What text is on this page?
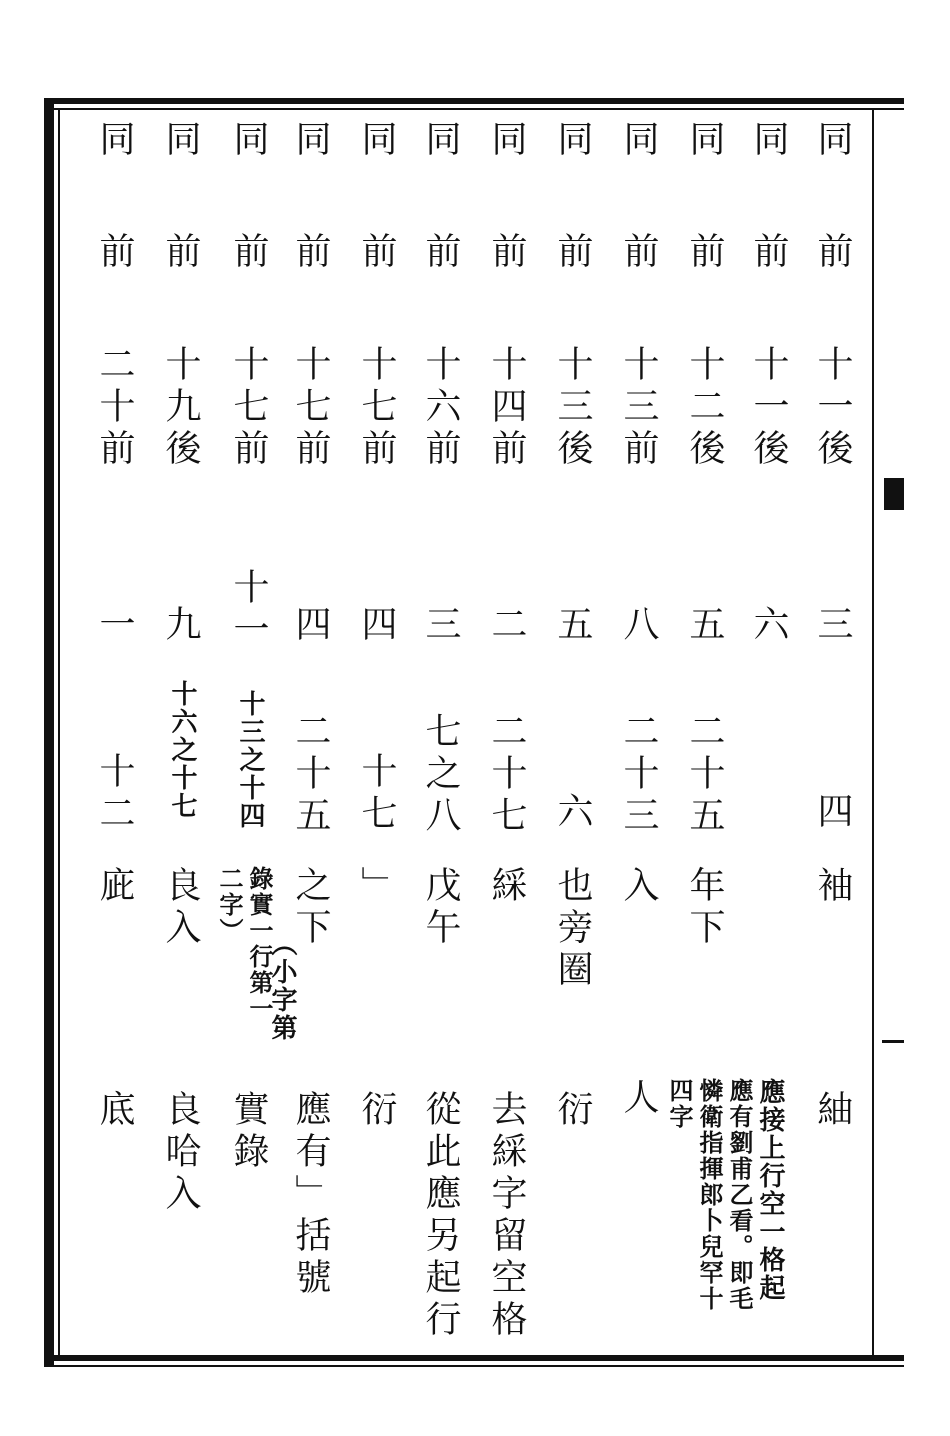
同
前
十一後
三
四
袖
紬
同
前
十一後
六
應接上行空一格起
同
前
十二後
五
二十五
年下
應有劉甫乙看。即毛
憐衛指揮郎卜兒罕十
四字
同
前
十三前
八
二十三
入
人
同
前
十三後
五
六
也旁圈
衍
同
前
十四前
二
二十七
綵
去綵字留空格
同
前
十六前
三
七之八
戊午
從此應另起行
同
前
十七前
四
十七
」
衍
同
前
十七前
四
二十五
之下
應有」括號
同
前
十七前
十一
十三之十四
（小字第
錄實一行第一
二字）
實錄
同
前
十九後
九
十六之十七
良入
良哈入
同
前
二十前
一
十二
庛
底
